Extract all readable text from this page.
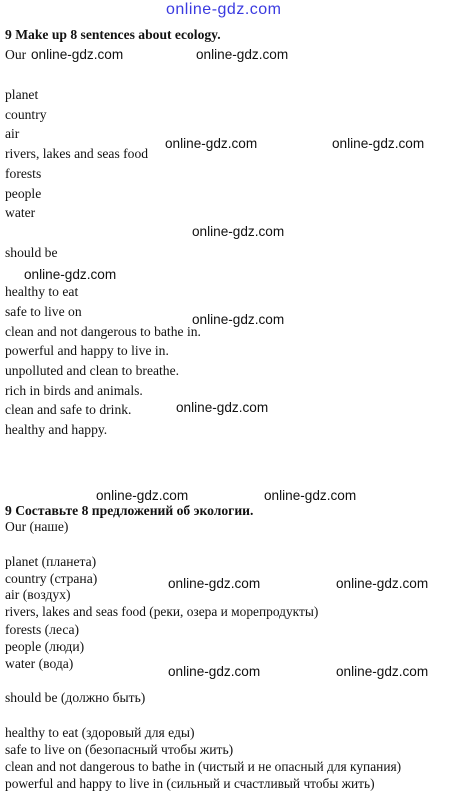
online-gdz.com
9 Make up 8 sentences about ecology.
Our online-gdz.com	online-gdz.com
planet
country
air
rivers, lakes and seas food
online-gdz.com	online-gdz.com
forests
people
water
online-gdz.com
should be
online-gdz.com
healthy to eat
safe to live on
online-gdz.com
clean and not dangerous to bathe in.
powerful and happy to live in.
unpolluted and clean to breathe.
rich in birds and animals.
clean and safe to drink.	online-gdz.com
healthy and happy.
online-gdz.com	online-gdz.com
9 Составьте 8 предложений об экологии.
Our (наше)
planet (планета)
country (страна)	online-gdz.com	online-gdz.com
air (воздух)
rivers, lakes and seas food (реки, озера и морепродукты)
forests (леса)
people (люди)
water (вода)
online-gdz.com	online-gdz.com
should be (должно быть)
healthy to eat (здоровый для еды)
safe to live on (безопасный чтобы жить)
clean and not dangerous to bathe in (чистый и не опасный для купания)
powerful and happy to live in (сильный и счастливый чтобы жить)
